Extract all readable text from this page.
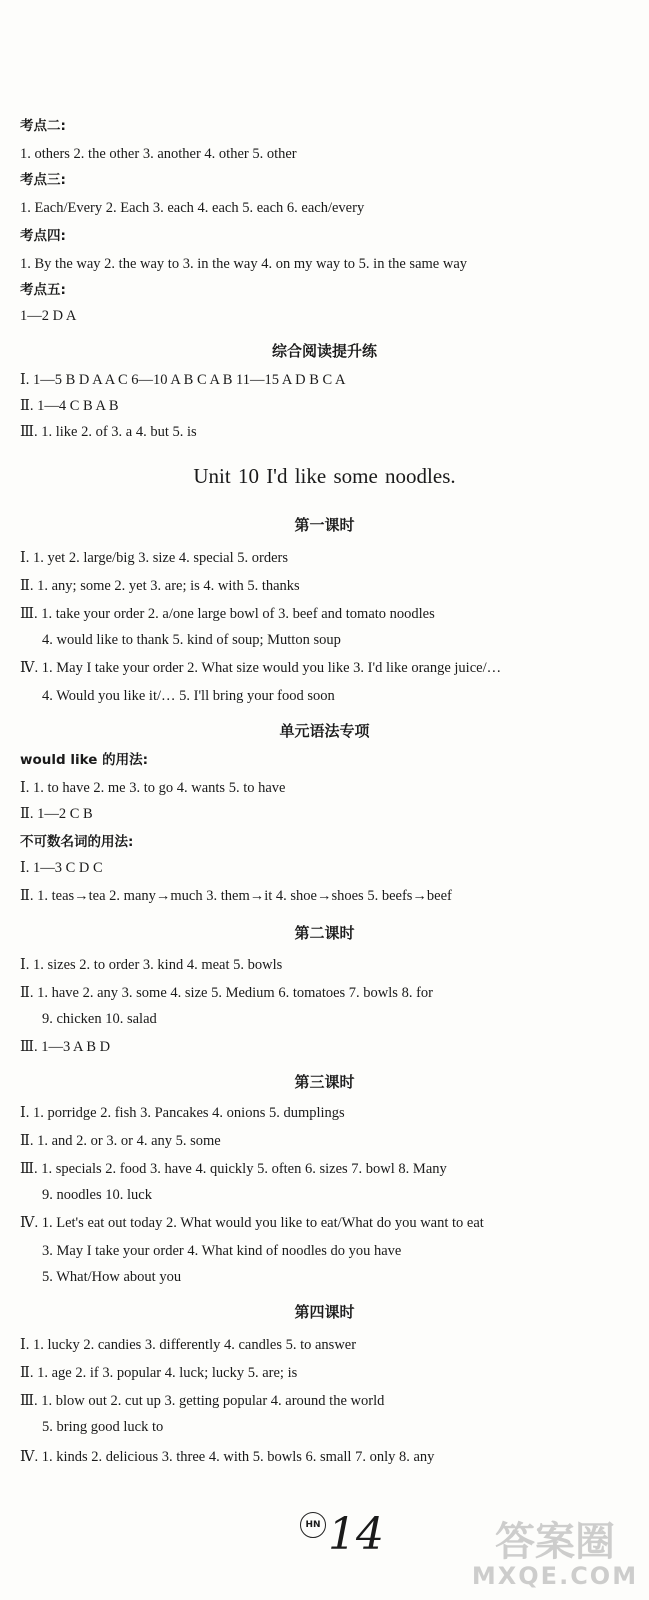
考点二:
1. others 2. the other 3. another 4. other 5. other
考点三:
1. Each/Every 2. Each 3. each 4. each 5. each 6. each/every
考点四:
1. By the way 2. the way to 3. in the way 4. on my way to 5. in the same way
考点五:
1—2 D A
综合阅读提升练
Ⅰ. 1—5 B D A A C 6—10 A B C A B 11—15 A D B C A
Ⅱ. 1—4 C B A B
Ⅲ. 1. like 2. of 3. a 4. but 5. is
Unit 10 I'd like some noodles.
第一课时
Ⅰ. 1. yet 2. large/big 3. size 4. special 5. orders
Ⅱ. 1. any; some 2. yet 3. are; is 4. with 5. thanks
Ⅲ. 1. take your order 2. a/one large bowl of 3. beef and tomato noodles
4. would like to thank 5. kind of soup; Mutton soup
Ⅳ. 1. May I take your order 2. What size would you like 3. I'd like orange juice/…
4. Would you like it/… 5. I'll bring your food soon
单元语法专项
would like 的用法:
Ⅰ. 1. to have 2. me 3. to go 4. wants 5. to have
Ⅱ. 1—2 C B
不可数名词的用法:
Ⅰ. 1—3 C D C
Ⅱ. 1. teas→tea 2. many→much 3. them→it 4. shoe→shoes 5. beefs→beef
第二课时
Ⅰ. 1. sizes 2. to order 3. kind 4. meat 5. bowls
Ⅱ. 1. have 2. any 3. some 4. size 5. Medium 6. tomatoes 7. bowls 8. for
9. chicken 10. salad
Ⅲ. 1—3 A B D
第三课时
Ⅰ. 1. porridge 2. fish 3. Pancakes 4. onions 5. dumplings
Ⅱ. 1. and 2. or 3. or 4. any 5. some
Ⅲ. 1. specials 2. food 3. have 4. quickly 5. often 6. sizes 7. bowl 8. Many
9. noodles 10. luck
Ⅳ. 1. Let's eat out today 2. What would you like to eat/What do you want to eat
3. May I take your order 4. What kind of noodles do you have
5. What/How about you
第四课时
Ⅰ. 1. lucky 2. candies 3. differently 4. candles 5. to answer
Ⅱ. 1. age 2. if 3. popular 4. luck; lucky 5. are; is
Ⅲ. 1. blow out 2. cut up 3. getting popular 4. around the world
5. bring good luck to
Ⅳ. 1. kinds 2. delicious 3. three 4. with 5. bowls 6. small 7. only 8. any
HN 14	答案圈
MXQE.COM
